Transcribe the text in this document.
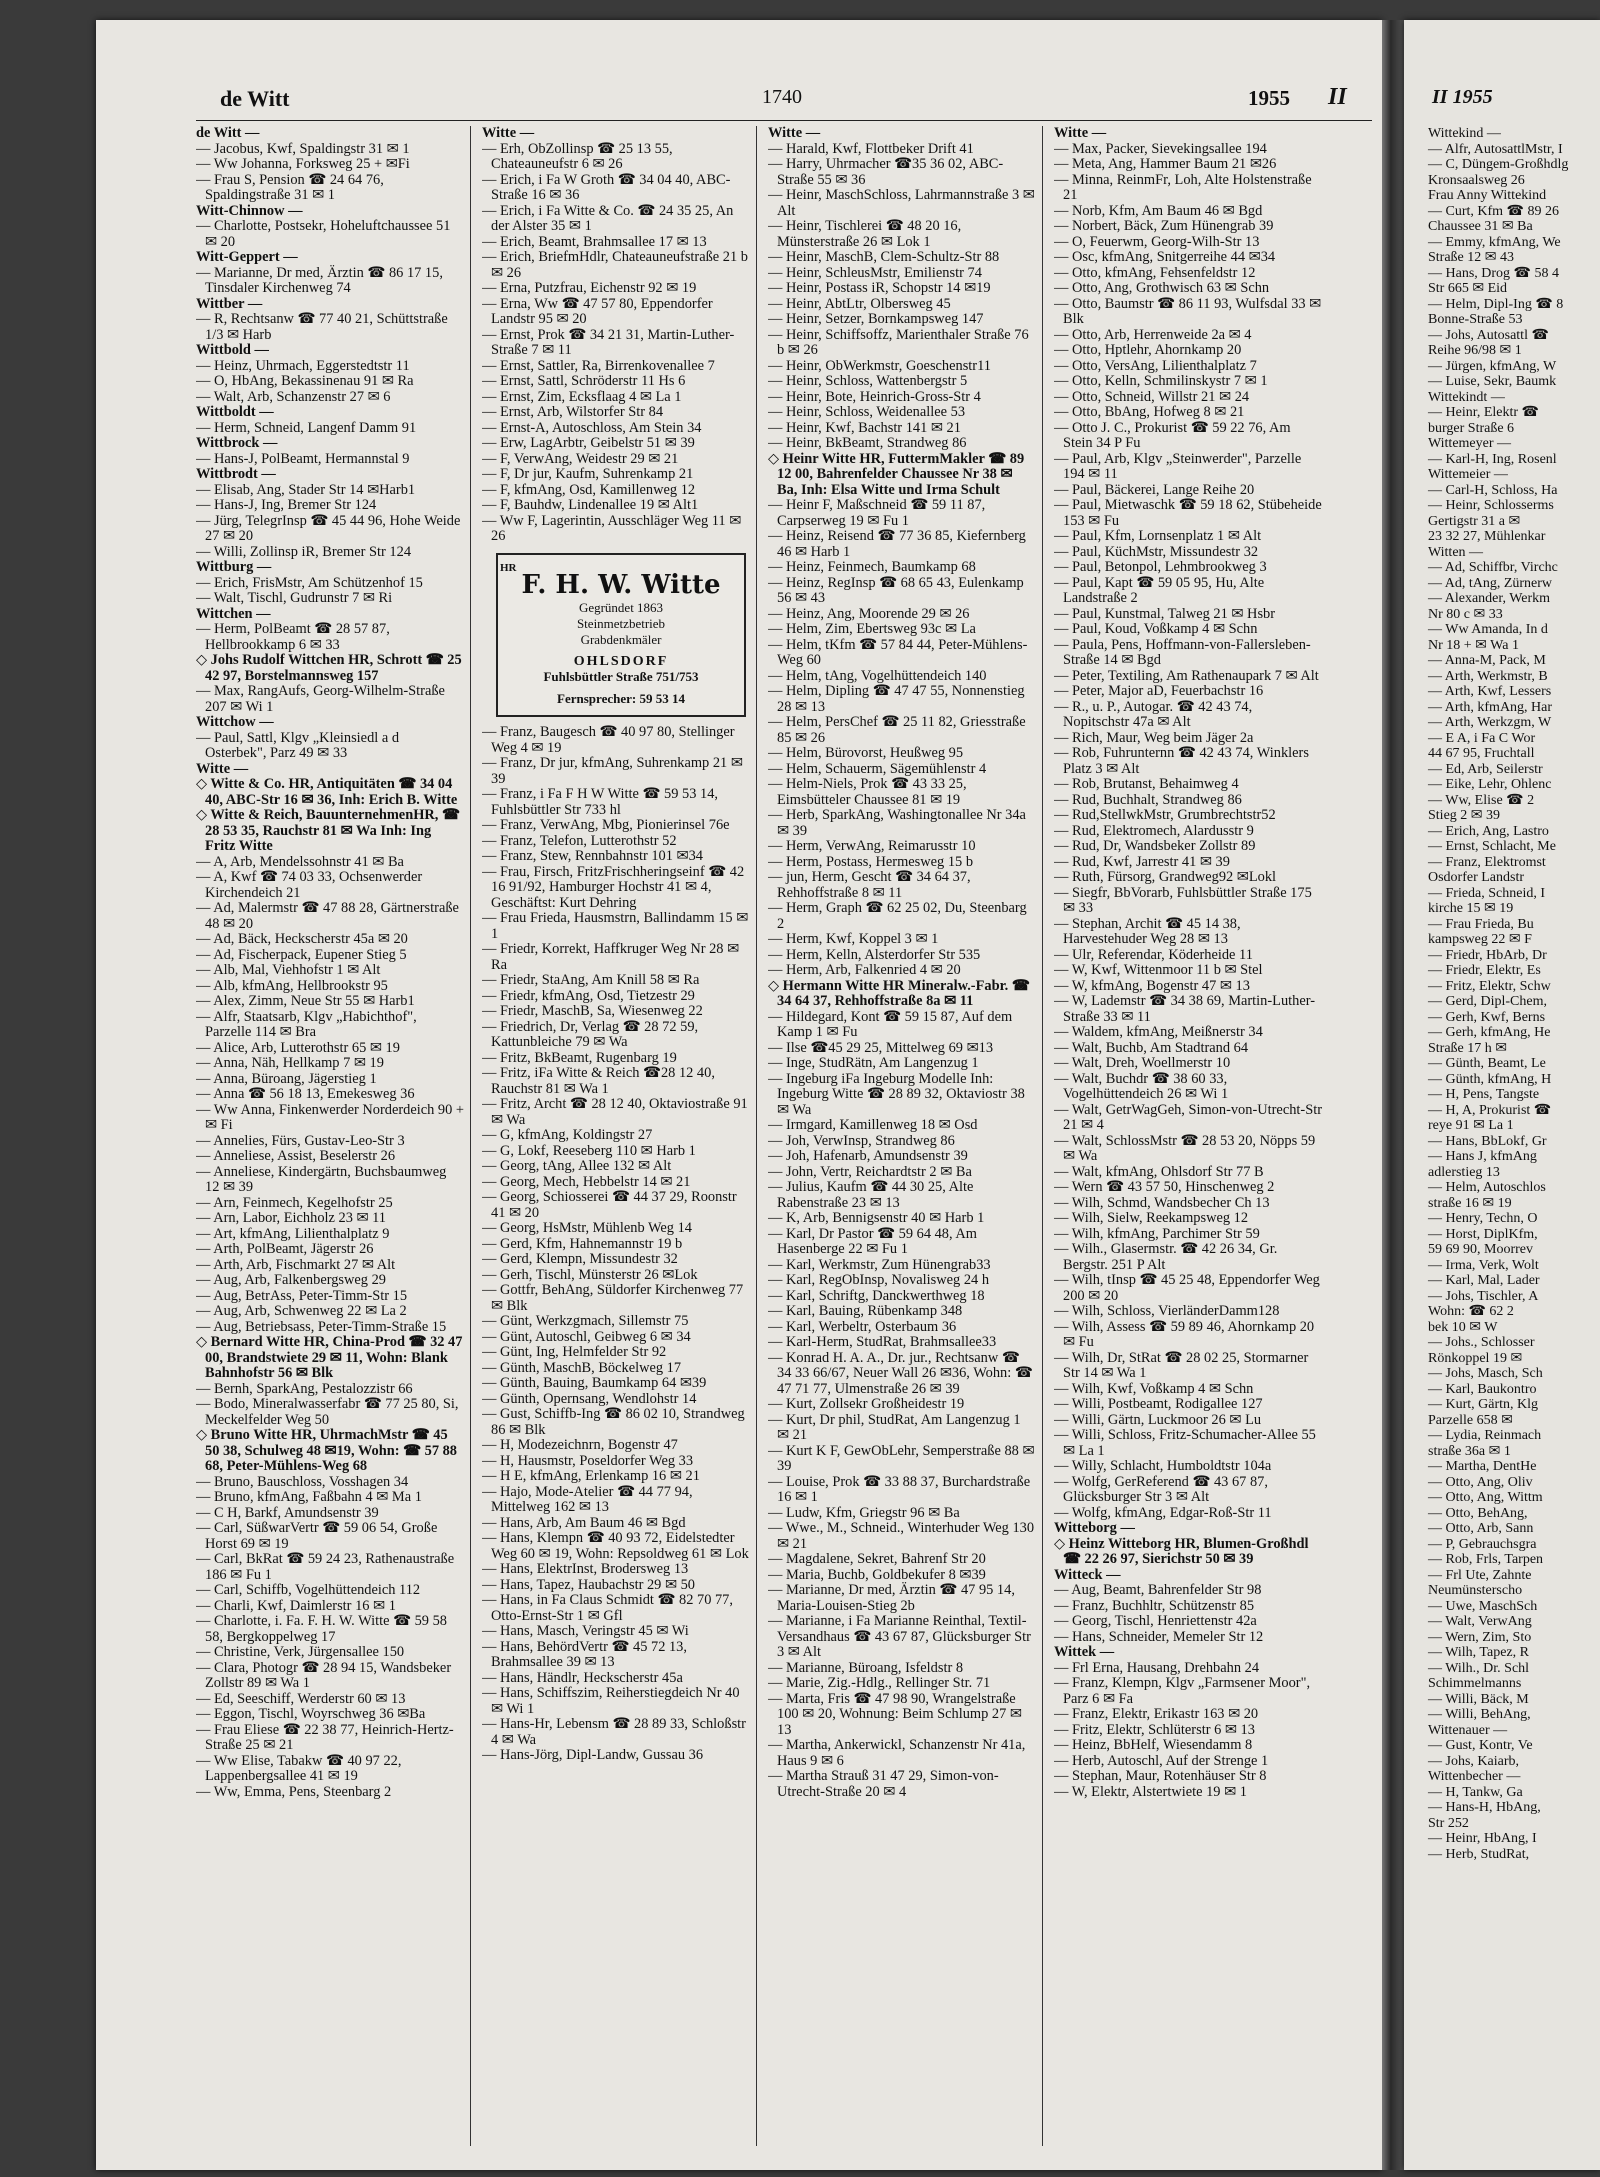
de Witt	1740	1955 II

de Witt —

— Jacobus, Kwf, Spaldingstr 31 ✉ 1

— Ww Johanna, Forksweg 25 + ✉Fi

— Frau S, Pension ☎ 24 64 76, Spaldingstraße 31 ✉ 1

Witt-Chinnow —

— Charlotte, Postsekr, Hoheluftchaussee 51 ✉ 20

Witt-Geppert —

— Marianne, Dr med, Ärztin ☎ 86 17 15, Tinsdaler Kirchenweg 74

Wittber —

— R, Rechtsanw ☎ 77 40 21, Schüttstraße 1/3 ✉ Harb

Wittbold —

— Heinz, Uhrmach, Eggerstedtstr 11

— O, HbAng, Bekassinenau 91 ✉ Ra

— Walt, Arb, Schanzenstr 27 ✉ 6

Wittboldt —

— Herm, Schneid, Langenf Damm 91

Wittbrock —

— Hans-J, PolBeamt, Hermannstal 9

Wittbrodt —

— Elisab, Ang, Stader Str 14 ✉Harb1

— Hans-J, Ing, Bremer Str 124

— Jürg, TelegrInsp ☎ 45 44 96, Hohe Weide 27 ✉ 20

— Willi, Zollinsp iR, Bremer Str 124

Wittburg —

— Erich, FrisMstr, Am Schützenhof 15

— Walt, Tischl, Gudrunstr 7 ✉ Ri

Wittchen —

— Herm, PolBeamt ☎ 28 57 87, Hellbrookkamp 6 ✉ 33

◇ Johs Rudolf Wittchen HR, Schrott ☎ 25 42 97, Borstelmannsweg 157

— Max, RangAufs, Georg-Wilhelm-Straße 207 ✉ Wi 1

Wittchow —

— Paul, Sattl, Klgv „Kleinsiedl a d Osterbek", Parz 49 ✉ 33

Witte —

◇ Witte & Co. HR, Antiquitäten ☎ 34 04 40, ABC-Str 16 ✉ 36, Inh: Erich B. Witte

◇ Witte & Reich, BauunternehmenHR, ☎ 28 53 35, Rauchstr 81 ✉ Wa Inh: Ing Fritz Witte

— A, Arb, Mendelssohnstr 41 ✉ Ba

— A, Kwf ☎ 74 03 33, Ochsenwerder Kirchendeich 21

— Ad, Malermstr ☎ 47 88 28, Gärtnerstraße 48 ✉ 20

— Ad, Bäck, Heckscherstr 45a ✉ 20

— Ad, Fischerpack, Eupener Stieg 5

— Alb, Mal, Viehhofstr 1 ✉ Alt

— Alb, kfmAng, Hellbrookstr 95

— Alex, Zimm, Neue Str 55 ✉ Harb1

— Alfr, Staatsarb, Klgv „Habichthof", Parzelle 114 ✉ Bra

— Alice, Arb, Lutterothstr 65 ✉ 19

— Anna, Näh, Hellkamp 7 ✉ 19

— Anna, Büroang, Jägerstieg 1

— Anna ☎ 56 18 13, Emekesweg 36

— Ww Anna, Finkenwerder Norderdeich 90 + ✉ Fi

— Annelies, Fürs, Gustav-Leo-Str 3

— Anneliese, Assist, Beselerstr 26

— Anneliese, Kindergärtn, Buchsbaumweg 12 ✉ 39

— Arn, Feinmech, Kegelhofstr 25

— Arn, Labor, Eichholz 23 ✉ 11

— Art, kfmAng, Lilienthalplatz 9

— Arth, PolBeamt, Jägerstr 26

— Arth, Arb, Fischmarkt 27 ✉ Alt

— Aug, Arb, Falkenbergsweg 29

— Aug, BetrAss, Peter-Timm-Str 15

— Aug, Arb, Schwenweg 22 ✉ La 2

— Aug, Betriebsass, Peter-Timm-Straße 15

◇ Bernard Witte HR, China-Prod ☎ 32 47 00, Brandstwiete 29 ✉ 11, Wohn: Blank Bahnhofstr 56 ✉ Blk

— Bernh, SparkAng, Pestalozzistr 66

— Bodo, Mineralwasserfabr ☎ 77 25 80, Si, Meckelfelder Weg 50

◇ Bruno Witte HR, UhrmachMstr ☎ 45 50 38, Schulweg 48 ✉19, Wohn: ☎ 57 88 68, Peter-Mühlens-Weg 68

— Bruno, Bauschloss, Vosshagen 34

— Bruno, kfmAng, Faßbahn 4 ✉ Ma 1

— C H, Barkf, Amundsenstr 39

— Carl, SüßwarVertr ☎ 59 06 54, Große Horst 69 ✉ 19

— Carl, BkRat ☎ 59 24 23, Rathenaustraße 186 ✉ Fu 1

— Carl, Schiffb, Vogelhüttendeich 112

— Charli, Kwf, Daimlerstr 16 ✉ 1

— Charlotte, i. Fa. F. H. W. Witte ☎ 59 58 58, Bergkoppelweg 17

— Christine, Verk, Jürgensallee 150

— Clara, Photogr ☎ 28 94 15, Wandsbeker Zollstr 89 ✉ Wa 1

— Ed, Seeschiff, Werderstr 60 ✉ 13

— Eggon, Tischl, Woyrschweg 36 ✉Ba

— Frau Eliese ☎ 22 38 77, Heinrich-Hertz-Straße 25 ✉ 21

— Ww Elise, Tabakw ☎ 40 97 22, Lappenbergsallee 41 ✉ 19

— Ww, Emma, Pens, Steenbarg 2

Witte —

— Erh, ObZollinsp ☎ 25 13 55, Chateauneufstr 6 ✉ 26

— Erich, i Fa W Groth ☎ 34 04 40, ABC-Straße 16 ✉ 36

— Erich, i Fa Witte & Co. ☎ 24 35 25, An der Alster 35 ✉ 1

— Erich, Beamt, Brahmsallee 17 ✉ 13

— Erich, BriefmHdlr, Chateauneufstraße 21 b ✉ 26

— Erna, Putzfrau, Eichenstr 92 ✉ 19

— Erna, Ww ☎ 47 57 80, Eppendorfer Landstr 95 ✉ 20

— Ernst, Prok ☎ 34 21 31, Martin-Luther-Straße 7 ✉ 11

— Ernst, Sattler, Ra, Birrenkovenallee 7

— Ernst, Sattl, Schröderstr 11 Hs 6

— Ernst, Zim, Ecksflaag 4 ✉ La 1

— Ernst, Arb, Wilstorfer Str 84

— Ernst-A, Autoschloss, Am Stein 34

— Erw, LagArbtr, Geibelstr 51 ✉ 39

— F, VerwAng, Weidestr 29 ✉ 21

— F, Dr jur, Kaufm, Suhrenkamp 21

— F, kfmAng, Osd, Kamillenweg 12

— F, Bauhdw, Lindenallee 19 ✉ Alt1

— Ww F, Lagerintin, Ausschläger Weg 11 ✉ 26

HR
F. H. W. Witte
Gegründet 1863
Steinmetzbetrieb
Grabdenkmäler
OHLSDORF
Fuhlsbüttler Straße 751/753
Fernsprecher: 59 53 14

— Franz, Baugesch ☎ 40 97 80, Stellinger Weg 4 ✉ 19

— Franz, Dr jur, kfmAng, Suhrenkamp 21 ✉ 39

— Franz, i Fa F H W Witte ☎ 59 53 14, Fuhlsbüttler Str 733 hl

— Franz, VerwAng, Mbg, Pionierinsel 76e

— Franz, Telefon, Lutterothstr 52

— Franz, Stew, Rennbahnstr 101 ✉34

— Frau, Firsch, FritzFrischheringseinf ☎ 42 16 91/92, Hamburger Hochstr 41 ✉ 4, Geschäftst: Kurt Dehring

— Frau Frieda, Hausmstrn, Ballindamm 15 ✉ 1

— Friedr, Korrekt, Haffkruger Weg Nr 28 ✉ Ra

— Friedr, StaAng, Am Knill 58 ✉ Ra

— Friedr, kfmAng, Osd, Tietzestr 29

— Friedr, MaschB, Sa, Wiesenweg 22

— Friedrich, Dr, Verlag ☎ 28 72 59, Kattunbleiche 79 ✉ Wa

— Fritz, BkBeamt, Rugenbarg 19

— Fritz, iFa Witte & Reich ☎28 12 40, Rauchstr 81 ✉ Wa 1

— Fritz, Archt ☎ 28 12 40, Oktaviostraße 91 ✉ Wa

— G, kfmAng, Koldingstr 27

— G, Lokf, Reeseberg 110 ✉ Harb 1

— Georg, tAng, Allee 132 ✉ Alt

— Georg, Mech, Hebbelstr 14 ✉ 21

— Georg, Schiosserei ☎ 44 37 29, Roonstr 41 ✉ 20

— Georg, HsMstr, Mühlenb Weg 14

— Gerd, Kfm, Hahnemannstr 19 b

— Gerd, Klempn, Missundestr 32

— Gerh, Tischl, Münsterstr 26 ✉Lok

— Gottfr, BehAng, Süldorfer Kirchenweg 77 ✉ Blk

— Günt, Werkzgmach, Sillemstr 75

— Günt, Autoschl, Geibweg 6 ✉ 34

— Günt, Ing, Helmfelder Str 92

— Günth, MaschB, Böckelweg 17

— Günth, Bauing, Baumkamp 64 ✉39

— Günth, Opernsang, Wendlohstr 14

— Gust, Schiffb-Ing ☎ 86 02 10, Strandweg 86 ✉ Blk

— H, Modezeichnrn, Bogenstr 47

— H, Hausmstr, Poseldorfer Weg 33

— H E, kfmAng, Erlenkamp 16 ✉ 21

— Hajo, Mode-Atelier ☎ 44 77 94, Mittelweg 162 ✉ 13

— Hans, Arb, Am Baum 46 ✉ Bgd

— Hans, Klempn ☎ 40 93 72, Eidelstedter Weg 60 ✉ 19, Wohn: Repsoldweg 61 ✉ Lok

— Hans, ElektrInst, Brodersweg 13

— Hans, Tapez, Haubachstr 29 ✉ 50

— Hans, in Fa Claus Schmidt ☎ 82 70 77, Otto-Ernst-Str 1 ✉ Gfl

— Hans, Masch, Veringstr 45 ✉ Wi

— Hans, BehördVertr ☎ 45 72 13, Brahmsallee 39 ✉ 13

— Hans, Händlr, Heckscherstr 45a

— Hans, Schiffszim, Reiherstiegdeich Nr 40 ✉ Wi 1

— Hans-Hr, Lebensm ☎ 28 89 33, Schloßstr 4 ✉ Wa

— Hans-Jörg, Dipl-Landw, Gussau 36

Witte —

— Harald, Kwf, Flottbeker Drift 41

— Harry, Uhrmacher ☎35 36 02, ABC-Straße 55 ✉ 36

— Heinr, MaschSchloss, Lahrmannstraße 3 ✉ Alt

— Heinr, Tischlerei ☎ 48 20 16, Münsterstraße 26 ✉ Lok 1

— Heinr, MaschB, Clem-Schultz-Str 88

— Heinr, SchleusMstr, Emilienstr 74

— Heinr, Postass iR, Schopstr 14 ✉19

— Heinr, AbtLtr, Olbersweg 45

— Heinr, Setzer, Bornkampsweg 147

— Heinr, Schiffsoffz, Marienthaler Straße 76 b ✉ 26

— Heinr, ObWerkmstr, Goeschenstr11

— Heinr, Schloss, Wattenbergstr 5

— Heinr, Bote, Heinrich-Gross-Str 4

— Heinr, Schloss, Weidenallee 53

— Heinr, Kwf, Bachstr 141 ✉ 21

— Heinr, BkBeamt, Strandweg 86

◇ Heinr Witte HR, FuttermMakler ☎ 89 12 00, Bahrenfelder Chaussee Nr 38 ✉ Ba, Inh: Elsa Witte und Irma Schult

— Heinr F, Maßschneid ☎ 59 11 87, Carpserweg 19 ✉ Fu 1

— Heinz, Reisend ☎ 77 36 85, Kiefernberg 46 ✉ Harb 1

— Heinz, Feinmech, Baumkamp 68

— Heinz, RegInsp ☎ 68 65 43, Eulenkamp 56 ✉ 43

— Heinz, Ang, Moorende 29 ✉ 26

— Helm, Zim, Ebertsweg 93c ✉ La

— Helm, tKfm ☎ 57 84 44, Peter-Mühlens-Weg 60

— Helm, tAng, Vogelhüttendeich 140

— Helm, Dipling ☎ 47 47 55, Nonnenstieg 28 ✉ 13

— Helm, PersChef ☎ 25 11 82, Griesstraße 85 ✉ 26

— Helm, Bürovorst, Heußweg 95

— Helm, Schauerm, Sägemühlenstr 4

— Helm-Niels, Prok ☎ 43 33 25, Eimsbütteler Chaussee 81 ✉ 19

— Herb, SparkAng, Washingtonallee Nr 34a ✉ 39

— Herm, VerwAng, Reimarusstr 10

— Herm, Postass, Hermesweg 15 b

— jun, Herm, Gescht ☎ 34 64 37, Rehhoffstraße 8 ✉ 11

— Herm, Graph ☎ 62 25 02, Du, Steenbarg 2

— Herm, Kwf, Koppel 3 ✉ 1

— Herm, Kelln, Alsterdorfer Str 535

— Herm, Arb, Falkenried 4 ✉ 20

◇ Hermann Witte HR Mineralw.-Fabr. ☎ 34 64 37, Rehhoffstraße 8a ✉ 11

— Hildegard, Kont ☎ 59 15 87, Auf dem Kamp 1 ✉ Fu

— Ilse ☎45 29 25, Mittelweg 69 ✉13

— Inge, StudRätn, Am Langenzug 1

— Ingeburg iFa Ingeburg Modelle Inh: Ingeburg Witte ☎ 28 89 32, Oktaviostr 38 ✉ Wa

— Irmgard, Kamillenweg 18 ✉ Osd

— Joh, VerwInsp, Strandweg 86

— Joh, Hafenarb, Amundsenstr 39

— John, Vertr, Reichardtstr 2 ✉ Ba

— Julius, Kaufm ☎ 44 30 25, Alte Rabenstraße 23 ✉ 13

— K, Arb, Bennigsenstr 40 ✉ Harb 1

— Karl, Dr Pastor ☎ 59 64 48, Am Hasenberge 22 ✉ Fu 1

— Karl, Werkmstr, Zum Hünengrab33

— Karl, RegObInsp, Novalisweg 24 h

— Karl, Schriftg, Danckwerthweg 18

— Karl, Bauing, Rübenkamp 348

— Karl, Werbeltr, Osterbaum 36

— Karl-Herm, StudRat, Brahmsallee33

— Konrad H. A. A., Dr. jur., Rechtsanw ☎ 34 33 66/67, Neuer Wall 26 ✉36, Wohn: ☎ 47 71 77, Ulmenstraße 26 ✉ 39

— Kurt, Zollsekr Großheidestr 19

— Kurt, Dr phil, StudRat, Am Langenzug 1 ✉ 21

— Kurt K F, GewObLehr, Semperstraße 88 ✉ 39

— Louise, Prok ☎ 33 88 37, Burchardstraße 16 ✉ 1

— Ludw, Kfm, Griegstr 96 ✉ Ba

— Wwe., M., Schneid., Winterhuder Weg 130 ✉ 21

— Magdalene, Sekret, Bahrenf Str 20

— Maria, Buchb, Goldbekufer 8 ✉39

— Marianne, Dr med, Ärztin ☎ 47 95 14, Maria-Louisen-Stieg 2b

— Marianne, i Fa Marianne Reinthal, Textil-Versandhaus ☎ 43 67 87, Glücksburger Str 3 ✉ Alt

— Marianne, Büroang, Isfeldstr 8

— Marie, Zig.-Hdlg., Rellinger Str. 71

— Marta, Fris ☎ 47 98 90, Wrangelstraße 100 ✉ 20, Wohnung: Beim Schlump 27 ✉ 13

— Martha, Ankerwickl, Schanzenstr Nr 41a, Haus 9 ✉ 6

— Martha Strauß 31 47 29, Simon-von-Utrecht-Straße 20 ✉ 4

Witte —

— Max, Packer, Sievekingsallee 194

— Meta, Ang, Hammer Baum 21 ✉26

— Minna, ReinmFr, Loh, Alte Holstenstraße 21

— Norb, Kfm, Am Baum 46 ✉ Bgd

— Norbert, Bäck, Zum Hünengrab 39

— O, Feuerwm, Georg-Wilh-Str 13

— Osc, kfmAng, Snitgerreihe 44 ✉34

— Otto, kfmAng, Fehsenfeldstr 12

— Otto, Ang, Grothwisch 63 ✉ Schn

— Otto, Baumstr ☎ 86 11 93, Wulfsdal 33 ✉ Blk

— Otto, Arb, Herrenweide 2a ✉ 4

— Otto, Hptlehr, Ahornkamp 20

— Otto, VersAng, Lilienthalplatz 7

— Otto, Kelln, Schmilinskystr 7 ✉ 1

— Otto, Schneid, Willstr 21 ✉ 24

— Otto, BbAng, Hofweg 8 ✉ 21

— Otto J. C., Prokurist ☎ 59 22 76, Am Stein 34 P Fu

— Paul, Arb, Klgv „Steinwerder", Parzelle 194 ✉ 11

— Paul, Bäckerei, Lange Reihe 20

— Paul, Mietwaschk ☎ 59 18 62, Stübeheide 153 ✉ Fu

— Paul, Kfm, Lornsenplatz 1 ✉ Alt

— Paul, KüchMstr, Missundestr 32

— Paul, Betonpol, Lehmbrookweg 3

— Paul, Kapt ☎ 59 05 95, Hu, Alte Landstraße 2

— Paul, Kunstmal, Talweg 21 ✉ Hsbr

— Paul, Koud, Voßkamp 4 ✉ Schn

— Paula, Pens, Hoffmann-von-Fallersleben-Straße 14 ✉ Bgd

— Peter, Textiling, Am Rathenaupark 7 ✉ Alt

— Peter, Major aD, Feuerbachstr 16

— R., u. P., Autogar. ☎ 42 43 74, Nopitschstr 47a ✉ Alt

— Rich, Maur, Weg beim Jäger 2a

— Rob, Fuhrunternn ☎ 42 43 74, Winklers Platz 3 ✉ Alt

— Rob, Brutanst, Behaimweg 4

— Rud, Buchhalt, Strandweg 86

— Rud,StellwkMstr, Grumbrechtstr52

— Rud, Elektromech, Alardusstr 9

— Rud, Dr, Wandsbeker Zollstr 89

— Rud, Kwf, Jarrestr 41 ✉ 39

— Ruth, Fürsorg, Grandweg92 ✉Lokl

— Siegfr, BbVorarb, Fuhlsbüttler Straße 175 ✉ 33

— Stephan, Archit ☎ 45 14 38, Harvestehuder Weg 28 ✉ 13

— Ulr, Referendar, Köderheide 11

— W, Kwf, Wittenmoor 11 b ✉ Stel

— W, kfmAng, Bogenstr 47 ✉ 13

— W, Lademstr ☎ 34 38 69, Martin-Luther-Straße 33 ✉ 11

— Waldem, kfmAng, Meißnerstr 34

— Walt, Buchb, Am Stadtrand 64

— Walt, Dreh, Woellmerstr 10

— Walt, Buchdr ☎ 38 60 33, Vogelhüttendeich 26 ✉ Wi 1

— Walt, GetrWagGeh, Simon-von-Utrecht-Str 21 ✉ 4

— Walt, SchlossMstr ☎ 28 53 20, Nöpps 59 ✉ Wa

— Walt, kfmAng, Ohlsdorf Str 77 B

— Wern ☎ 43 57 50, Hinschenweg 2

— Wilh, Schmd, Wandsbecher Ch 13

— Wilh, Sielw, Reekampsweg 12

— Wilh, kfmAng, Parchimer Str 59

— Wilh., Glasermstr. ☎ 42 26 34, Gr. Bergstr. 251 P Alt

— Wilh, tInsp ☎ 45 25 48, Eppendorfer Weg 200 ✉ 20

— Wilh, Schloss, VierländerDamm128

— Wilh, Assess ☎ 59 89 46, Ahornkamp 20 ✉ Fu

— Wilh, Dr, StRat ☎ 28 02 25, Stormarner Str 14 ✉ Wa 1

— Wilh, Kwf, Voßkamp 4 ✉ Schn

— Willi, Postbeamt, Rodigallee 127

— Willi, Gärtn, Luckmoor 26 ✉ Lu

— Willi, Schloss, Fritz-Schumacher-Allee 55 ✉ La 1

— Willy, Schlacht, Humboldtstr 104a

— Wolfg, GerReferend ☎ 43 67 87, Glücksburger Str 3 ✉ Alt

— Wolfg, kfmAng, Edgar-Roß-Str 11

Witteborg —

◇ Heinz Witteborg HR, Blumen-Großhdl ☎ 22 26 97, Sierichstr 50 ✉ 39

Witteck —

— Aug, Beamt, Bahrenfelder Str 98

— Franz, Buchhltr, Schützenstr 85

— Georg, Tischl, Henriettenstr 42a

— Hans, Schneider, Memeler Str 12

Wittek —

— Frl Erna, Hausang, Drehbahn 24

— Franz, Klempn, Klgv „Farmsener Moor", Parz 6 ✉ Fa

— Franz, Elektr, Erikastr 163 ✉ 20

— Fritz, Elektr, Schlüterstr 6 ✉ 13

— Heinz, BbHelf, Wiesendamm 8

— Herb, Autoschl, Auf der Strenge 1

— Stephan, Maur, Rotenhäuser Str 8

— W, Elektr, Alstertwiete 19 ✉ 1

II 1955

Wittekind —

— Alfr, AutosattlMstr, I

— C, Düngem-Großhdlg

Kronsaalsweg 26

Frau Anny Wittekind

— Curt, Kfm ☎ 89 26

Chaussee 31 ✉ Ba

— Emmy, kfmAng, We

Straße 12 ✉ 43

— Hans, Drog ☎ 58 4

Str 665 ✉ Eid

— Helm, Dipl-Ing ☎ 8

Bonne-Straße 53

— Johs, Autosattl ☎

Reihe 96/98 ✉ 1

— Jürgen, kfmAng, W

— Luise, Sekr, Baumk

Wittekindt —

— Heinr, Elektr ☎

burger Straße 6

Wittemeyer —

— Karl-H, Ing, Rosenl

Wittemeier —

— Carl-H, Schloss, Ha

— Heinr, Schlosserms

Gertigstr 31 a ✉

23 32 27, Mühlenkar

Witten —

— Ad, Schiffbr, Virchc

— Ad, tAng, Zürnerw

— Alexander, Werkm

Nr 80 c ✉ 33

— Ww Amanda, In d

Nr 18 + ✉ Wa 1

— Anna-M, Pack, M

— Arth, Werkmstr, B

— Arth, Kwf, Lessers

— Arth, kfmAng, Har

— Arth, Werkzgm, W

— E A, i Fa C Wor

44 67 95, Fruchtall

— Ed, Arb, Seilerstr

— Eike, Lehr, Ohlenc

— Ww, Elise ☎ 2

Stieg 2 ✉ 39

— Erich, Ang, Lastro

— Ernst, Schlacht, Me

— Franz, Elektromst

Osdorfer Landstr

— Frieda, Schneid, I

kirche 15 ✉ 19

— Frau Frieda, Bu

kampsweg 22 ✉ F

— Friedr, HbArb, Dr

— Friedr, Elektr, Es

— Fritz, Elektr, Schw

— Gerd, Dipl-Chem,

— Gerh, Kwf, Berns

— Gerh, kfmAng, He

Straße 17 h ✉

— Günth, Beamt, Le

— Günth, kfmAng, H

— H, Pens, Tangste

— H, A, Prokurist ☎

reye 91 ✉ La 1

— Hans, BbLokf, Gr

— Hans J, kfmAng

adlerstieg 13

— Helm, Autoschlos

straße 16 ✉ 19

— Henry, Techn, O

— Horst, DiplKfm,

59 69 90, Moorrev

— Irma, Verk, Wolt

— Karl, Mal, Lader

— Johs, Tischler, A

Wohn: ☎ 62 2

bek 10 ✉ W

— Johs., Schlosser

Rönkoppel 19 ✉

— Johs, Masch, Sch

— Karl, Baukontro

— Kurt, Gärtn, Klg

Parzelle 658 ✉

— Lydia, Reinmach

straße 36a ✉ 1

— Martha, DentHe

— Otto, Ang, Oliv

— Otto, Ang, Wittm

— Otto, BehAng,

— Otto, Arb, Sann

— P, Gebrauchsgra

— Rob, Frls, Tarpen

— Frl Ute, Zahnte

Neumünsterscho

— Uwe, MaschSch

— Walt, VerwAng

— Wern, Zim, Sto

— Wilh, Tapez, R

— Wilh., Dr. Schl

Schimmelmanns

— Willi, Bäck, M

— Willi, BehAng,

Wittenauer —

— Gust, Kontr, Ve

— Johs, Kaiarb,

Wittenbecher —

— H, Tankw, Ga

— Hans-H, HbAng,

Str 252

— Heinr, HbAng, I

— Herb, StudRat,
